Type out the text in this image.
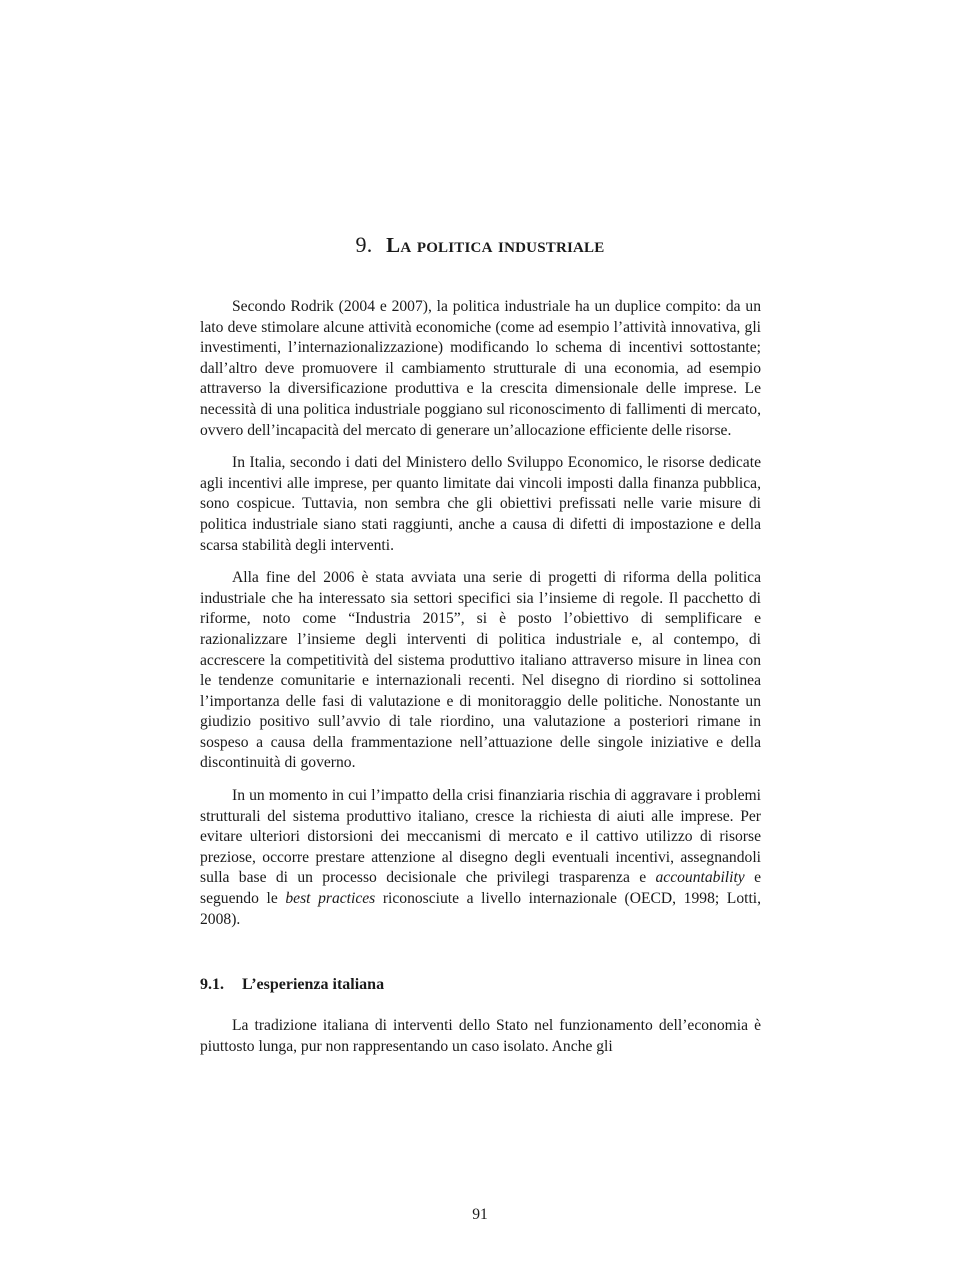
9. La politica industriale

Secondo Rodrik (2004 e 2007), la politica industriale ha un duplice compito: da un lato deve stimolare alcune attività economiche (come ad esempio l’attività innovativa, gli investimenti, l’internazionalizzazione) modificando lo schema di incentivi sottostante; dall’altro deve promuovere il cambiamento strutturale di una economia, ad esempio attraverso la diversificazione produttiva e la crescita dimensionale delle imprese. Le necessità di una politica industriale poggiano sul riconoscimento di fallimenti di mercato, ovvero dell’incapacità del mercato di generare un’allocazione efficiente delle risorse.

In Italia, secondo i dati del Ministero dello Sviluppo Economico, le risorse dedicate agli incentivi alle imprese, per quanto limitate dai vincoli imposti dalla finanza pubblica, sono cospicue. Tuttavia, non sembra che gli obiettivi prefissati nelle varie misure di politica industriale siano stati raggiunti, anche a causa di difetti di impostazione e della scarsa stabilità degli interventi.

Alla fine del 2006 è stata avviata una serie di progetti di riforma della politica industriale che ha interessato sia settori specifici sia l’insieme di regole. Il pacchetto di riforme, noto come “Industria 2015”, si è posto l’obiettivo di semplificare e razionalizzare l’insieme degli interventi di politica industriale e, al contempo, di accrescere la competitività del sistema produttivo italiano attraverso misure in linea con le tendenze comunitarie e internazionali recenti. Nel disegno di riordino si sottolinea l’importanza delle fasi di valutazione e di monitoraggio delle politiche. Nonostante un giudizio positivo sull’avvio di tale riordino, una valutazione a posteriori rimane in sospeso a causa della frammentazione nell’attuazione delle singole iniziative e della discontinuità di governo.

In un momento in cui l’impatto della crisi finanziaria rischia di aggravare i problemi strutturali del sistema produttivo italiano, cresce la richiesta di aiuti alle imprese. Per evitare ulteriori distorsioni dei meccanismi di mercato e il cattivo utilizzo di risorse preziose, occorre prestare attenzione al disegno degli eventuali incentivi, assegnandoli sulla base di un processo decisionale che privilegi trasparenza e accountability e seguendo le best practices riconosciute a livello internazionale (OECD, 1998; Lotti, 2008).

9.1. L’esperienza italiana

La tradizione italiana di interventi dello Stato nel funzionamento dell’economia è piuttosto lunga, pur non rappresentando un caso isolato. Anche gli

91
